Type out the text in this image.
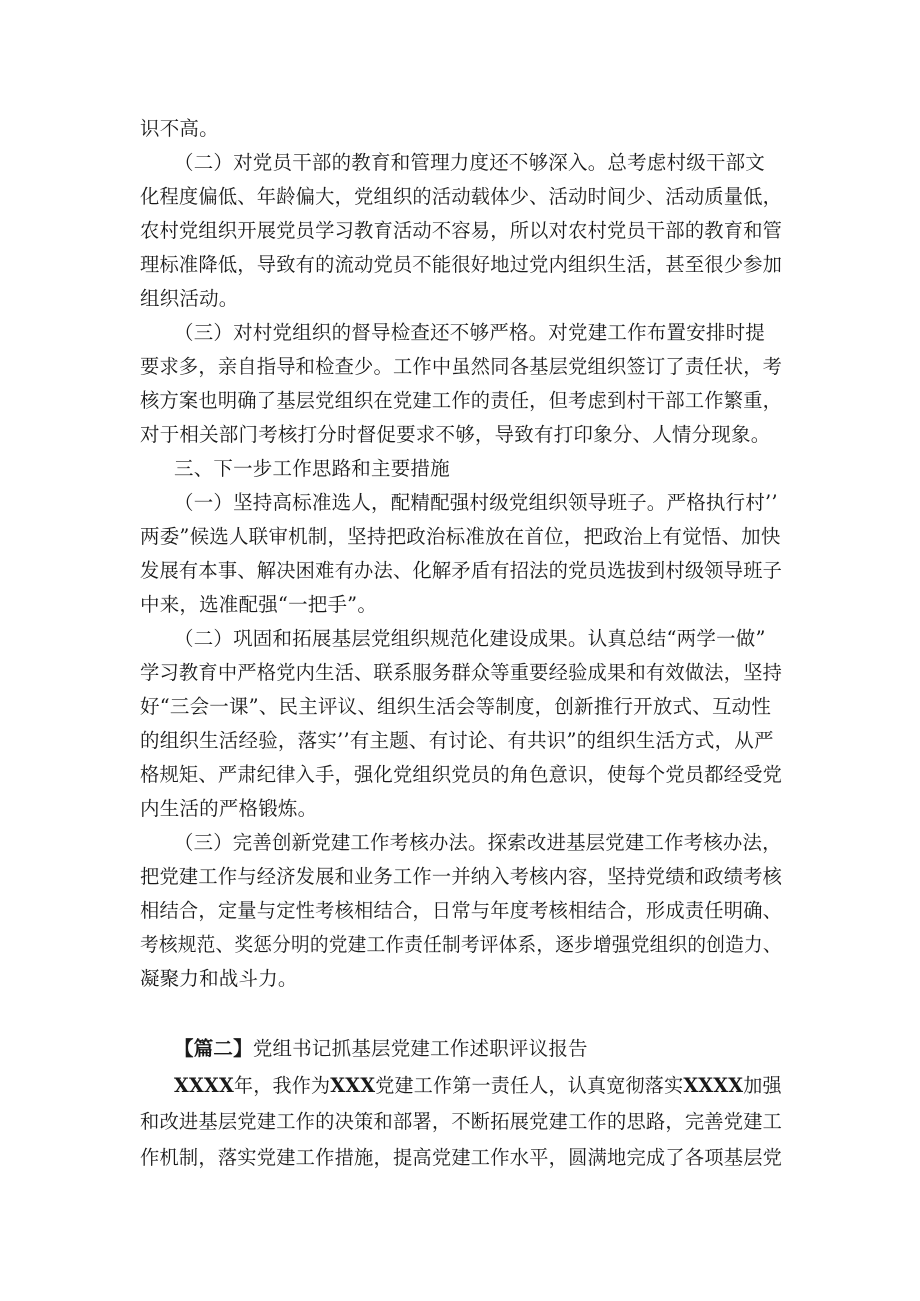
识不高。
（二）对党员干部的教育和管理力度还不够深入。总考虑村级干部文
化程度偏低、年龄偏大，党组织的活动载体少、活动时间少、活动质量低，
农村党组织开展党员学习教育活动不容易，所以对农村党员干部的教育和管
理标准降低，导致有的流动党员不能很好地过党内组织生活，甚至很少参加
组织活动。
（三）对村党组织的督导检查还不够严格。对党建工作布置安排时提
要求多，亲自指导和检查少。工作中虽然同各基层党组织签订了责任状，考
核方案也明确了基层党组织在党建工作的责任，但考虑到村干部工作繁重，
对于相关部门考核打分时督促要求不够，导致有打印象分、人情分现象。
三、下一步工作思路和主要措施
（一）坚持高标准选人，配精配强村级党组织领导班子。严格执行村’’
两委”候选人联审机制，坚持把政治标准放在首位，把政治上有觉悟、加快
发展有本事、解决困难有办法、化解矛盾有招法的党员选拔到村级领导班子
中来，选准配强“一把手”。
（二）巩固和拓展基层党组织规范化建设成果。认真总结“两学一做”
学习教育中严格党内生活、联系服务群众等重要经验成果和有效做法，坚持
好“三会一课”、民主评议、组织生活会等制度，创新推行开放式、互动性
的组织生活经验，落实’’有主题、有讨论、有共识”的组织生活方式，从严
格规矩、严肃纪律入手，强化党组织党员的角色意识，使每个党员都经受党
内生活的严格锻炼。
（三）完善创新党建工作考核办法。探索改进基层党建工作考核办法，
把党建工作与经济发展和业务工作一并纳入考核内容，坚持党绩和政绩考核
相结合，定量与定性考核相结合，日常与年度考核相结合，形成责任明确、
考核规范、奖惩分明的党建工作责任制考评体系，逐步增强党组织的创造力、
凝聚力和战斗力。
【篇二】党组书记抓基层党建工作述职评议报告
XXXX年，我作为XXX党建工作第一责任人，认真宽彻落实XXXX加强
和改进基层党建工作的决策和部署，不断拓展党建工作的思路，完善党建工
作机制，落实党建工作措施，提高党建工作水平，圆满地完成了各项基层党
